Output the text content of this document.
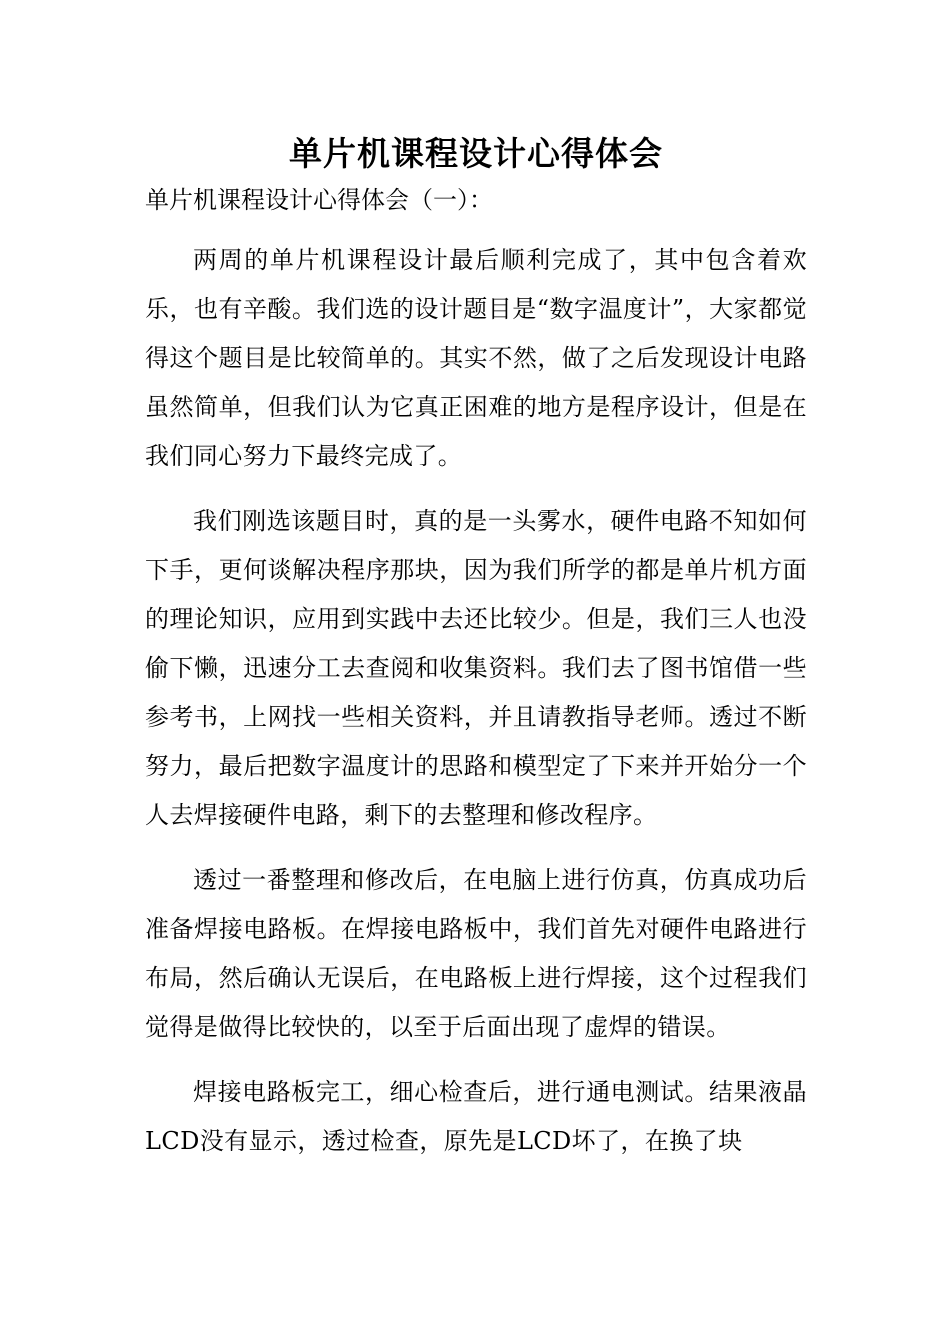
单片机课程设计心得体会

单片机课程设计心得体会（一）：

两周的单片机课程设计最后顺利完成了，其中包含着欢乐，也有辛酸。我们选的设计题目是“数字温度计”，大家都觉得这个题目是比较简单的。其实不然，做了之后发现设计电路虽然简单，但我们认为它真正困难的地方是程序设计，但是在我们同心努力下最终完成了。

我们刚选该题目时，真的是一头雾水，硬件电路不知如何下手，更何谈解决程序那块，因为我们所学的都是单片机方面的理论知识，应用到实践中去还比较少。但是，我们三人也没偷下懒，迅速分工去查阅和收集资料。我们去了图书馆借一些参考书，上网找一些相关资料，并且请教指导老师。透过不断努力，最后把数字温度计的思路和模型定了下来并开始分一个人去焊接硬件电路，剩下的去整理和修改程序。

透过一番整理和修改后，在电脑上进行仿真，仿真成功后准备焊接电路板。在焊接电路板中，我们首先对硬件电路进行布局，然后确认无误后，在电路板上进行焊接，这个过程我们觉得是做得比较快的，以至于后面出现了虚焊的错误。

焊接电路板完工，细心检查后，进行通电测试。结果液晶LCD没有显示，透过检查，原先是LCD坏了，在换了块
